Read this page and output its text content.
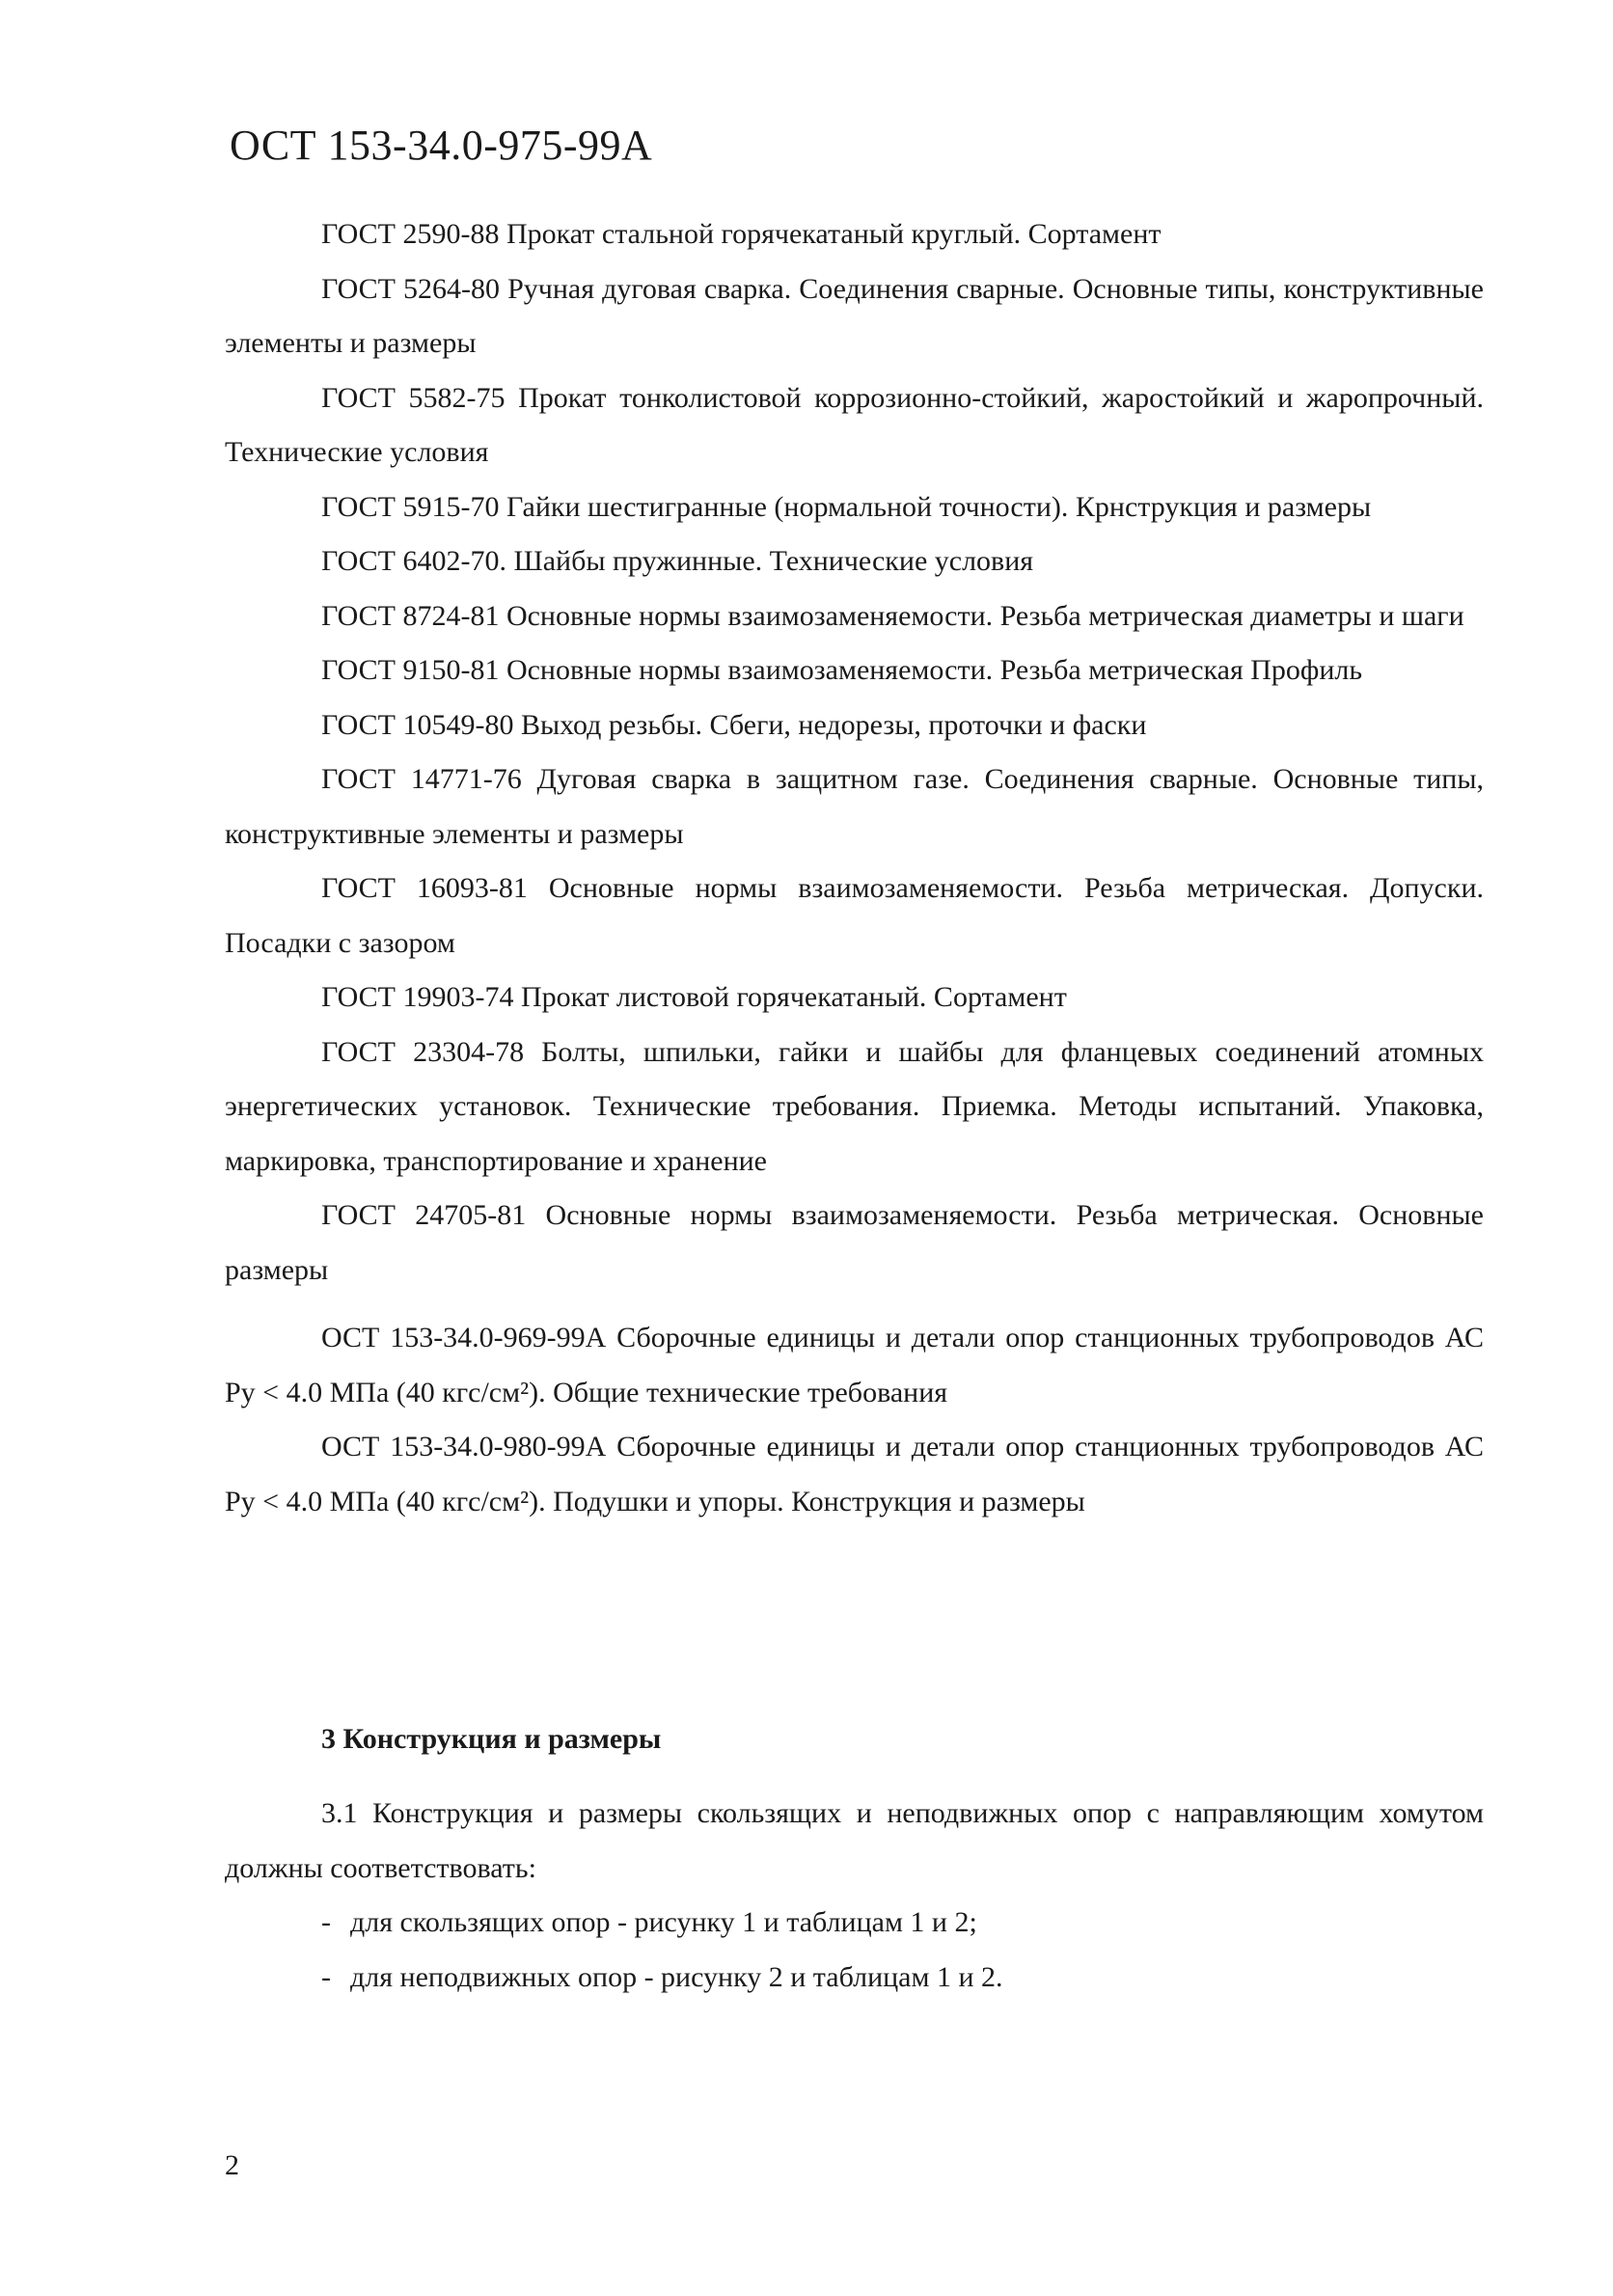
ОСТ 153-34.0-975-99А

ГОСТ 2590-88 Прокат стальной горячекатаный круглый. Сортамент

ГОСТ 5264-80 Ручная дуговая сварка. Соединения сварные. Основные типы, конструктивные элементы и размеры

ГОСТ 5582-75 Прокат тонколистовой коррозионно-стойкий, жаростойкий и жаропрочный. Технические условия

ГОСТ 5915-70 Гайки шестигранные (нормальной точности). Крнструкция и размеры

ГОСТ 6402-70. Шайбы пружинные. Технические условия

ГОСТ 8724-81 Основные нормы взаимозаменяемости. Резьба метрическая диаметры и шаги

ГОСТ 9150-81 Основные нормы взаимозаменяемости. Резьба метрическая Профиль

ГОСТ 10549-80 Выход резьбы. Сбеги, недорезы, проточки и фаски

ГОСТ 14771-76 Дуговая сварка в защитном газе. Соединения сварные. Основные типы, конструктивные элементы и размеры

ГОСТ 16093-81 Основные нормы взаимозаменяемости. Резьба метрическая. Допуски. Посадки с зазором

ГОСТ 19903-74 Прокат листовой горячекатаный. Сортамент

ГОСТ 23304-78 Болты, шпильки, гайки и шайбы для фланцевых соединений атомных энергетических установок. Технические требования. Приемка. Методы испытаний. Упаковка, маркировка, транспортирование и хранение

ГОСТ 24705-81 Основные нормы взаимозаменяемости. Резьба метрическая. Основные размеры

ОСТ 153-34.0-969-99А Сборочные единицы и детали опор станционных трубопроводов АС Ру < 4.0 МПа (40 кгс/см²). Общие технические требования

ОСТ 153-34.0-980-99А Сборочные единицы и детали опор станционных трубопроводов АС Ру < 4.0 МПа (40 кгс/см²). Подушки и упоры. Конструкция и размеры

3 Конструкция и размеры

3.1 Конструкция и размеры скользящих и неподвижных опор с направляющим хомутом должны соответствовать:

- для скользящих опор - рисунку 1 и таблицам 1 и 2;

- для неподвижных опор - рисунку 2 и таблицам 1 и 2.

2
